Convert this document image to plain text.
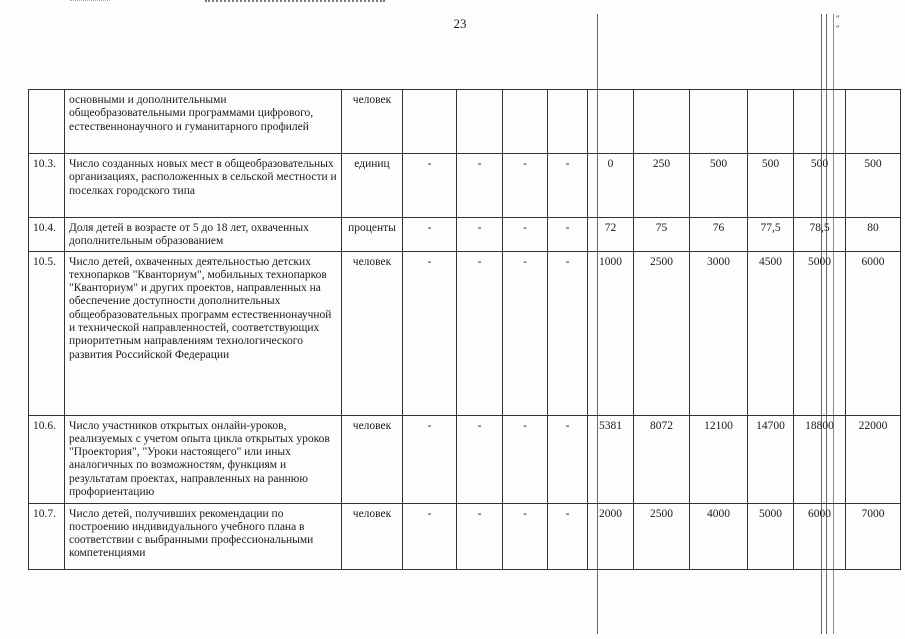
23	″ ″
	основными и дополнительными общеобразовательными программами цифрового, естественнонаучного и гуманитарного профилей	человек										
10.3.	Число созданных новых мест в общеобразовательных организациях, расположенных в сельской местности и поселках городского типа	единиц	-	-	-	-	0	250	500	500	500	500
10.4.	Доля детей в возрасте от 5 до 18 лет, охваченных дополнительным образованием	проценты	-	-	-	-	72	75	76	77,5	78,5	80
10.5.	Число детей, охваченных деятельностью детских технопарков "Кванториум", мобильных технопарков "Кванториум" и других проектов, направленных на обеспечение доступности дополнительных общеобразовательных программ естественнонаучной и технической направленностей, соответствующих приоритетным направлениям технологического развития Российской Федерации	человек	-	-	-	-	1000	2500	3000	4500	5000	6000
10.6.	Число участников открытых онлайн-уроков, реализуемых с учетом опыта цикла открытых уроков "Проектория", "Уроки настоящего" или иных аналогичных по возможностям, функциям и результатам проектах, направленных на раннюю профориентацию	человек	-	-	-	-	5381	8072	12100	14700	18800	22000
10.7.	Число детей, получивших рекомендации по построению индивидуального учебного плана в соответствии с выбранными профессиональными компетенциями	человек	-	-	-	-	2000	2500	4000	5000	6000	7000
